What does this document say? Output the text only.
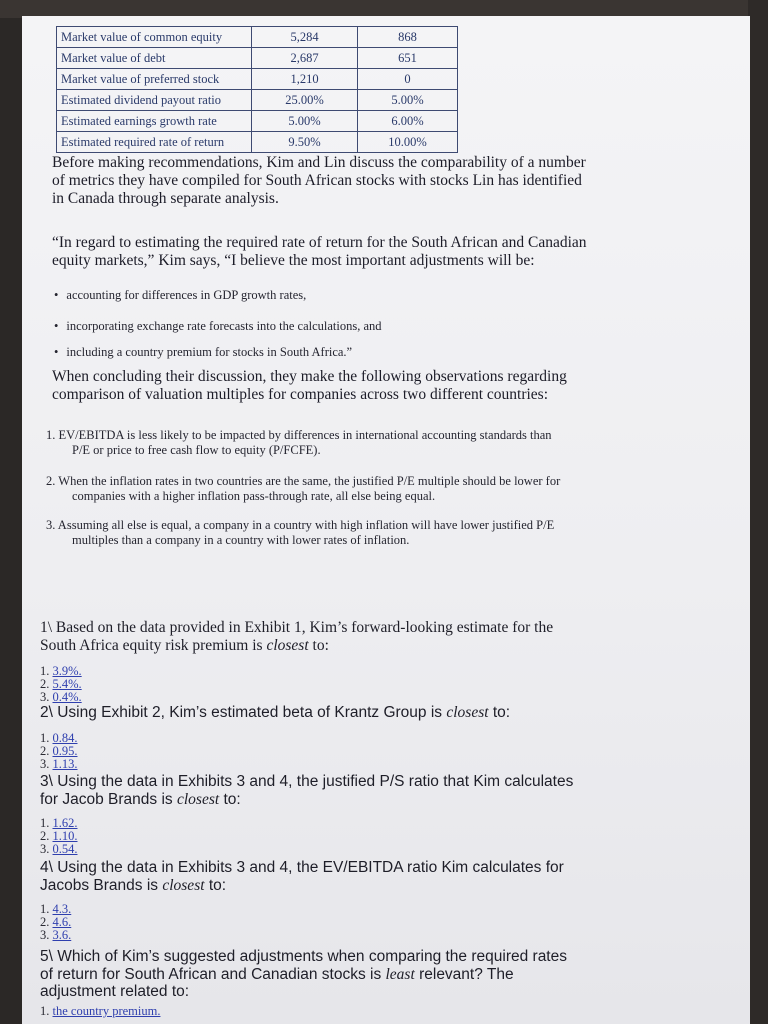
Market value of common equity	5,284	868
Market value of debt	2,687	651
Market value of preferred stock	1,210	0
Estimated dividend payout ratio	25.00%	5.00%
Estimated earnings growth rate	5.00%	6.00%
Estimated required rate of return	9.50%	10.00%
Before making recommendations, Kim and Lin discuss the comparability of a number
of metrics they have compiled for South African stocks with stocks Lin has identified
in Canada through separate analysis.
“In regard to estimating the required rate of return for the South African and Canadian
equity markets,” Kim says, “I believe the most important adjustments will be:
• accounting for differences in GDP growth rates,
• incorporating exchange rate forecasts into the calculations, and
• including a country premium for stocks in South Africa.”
When concluding their discussion, they make the following observations regarding
comparison of valuation multiples for companies across two different countries:
1. EV/EBITDA is less likely to be impacted by differences in international accounting standards than
P/E or price to free cash flow to equity (P/FCFE).
2. When the inflation rates in two countries are the same, the justified P/E multiple should be lower for
companies with a higher inflation pass-through rate, all else being equal.
3. Assuming all else is equal, a company in a country with high inflation will have lower justified P/E
multiples than a company in a country with lower rates of inflation.
1\ Based on the data provided in Exhibit 1, Kim’s forward-looking estimate for the
South Africa equity risk premium is closest to:
1. 3.9%.
2. 5.4%.
3. 0.4%.
2\ Using Exhibit 2, Kim’s estimated beta of Krantz Group is closest to:
1. 0.84.
2. 0.95.
3. 1.13.
3\ Using the data in Exhibits 3 and 4, the justified P/S ratio that Kim calculates
for Jacob Brands is closest to:
1. 1.62.
2. 1.10.
3. 0.54.
4\ Using the data in Exhibits 3 and 4, the EV/EBITDA ratio Kim calculates for
Jacobs Brands is closest to:
1. 4.3.
2. 4.6.
3. 3.6.
5\ Which of Kim’s suggested adjustments when comparing the required rates
of return for South African and Canadian stocks is least relevant? The
adjustment related to:
1. the country premium.
